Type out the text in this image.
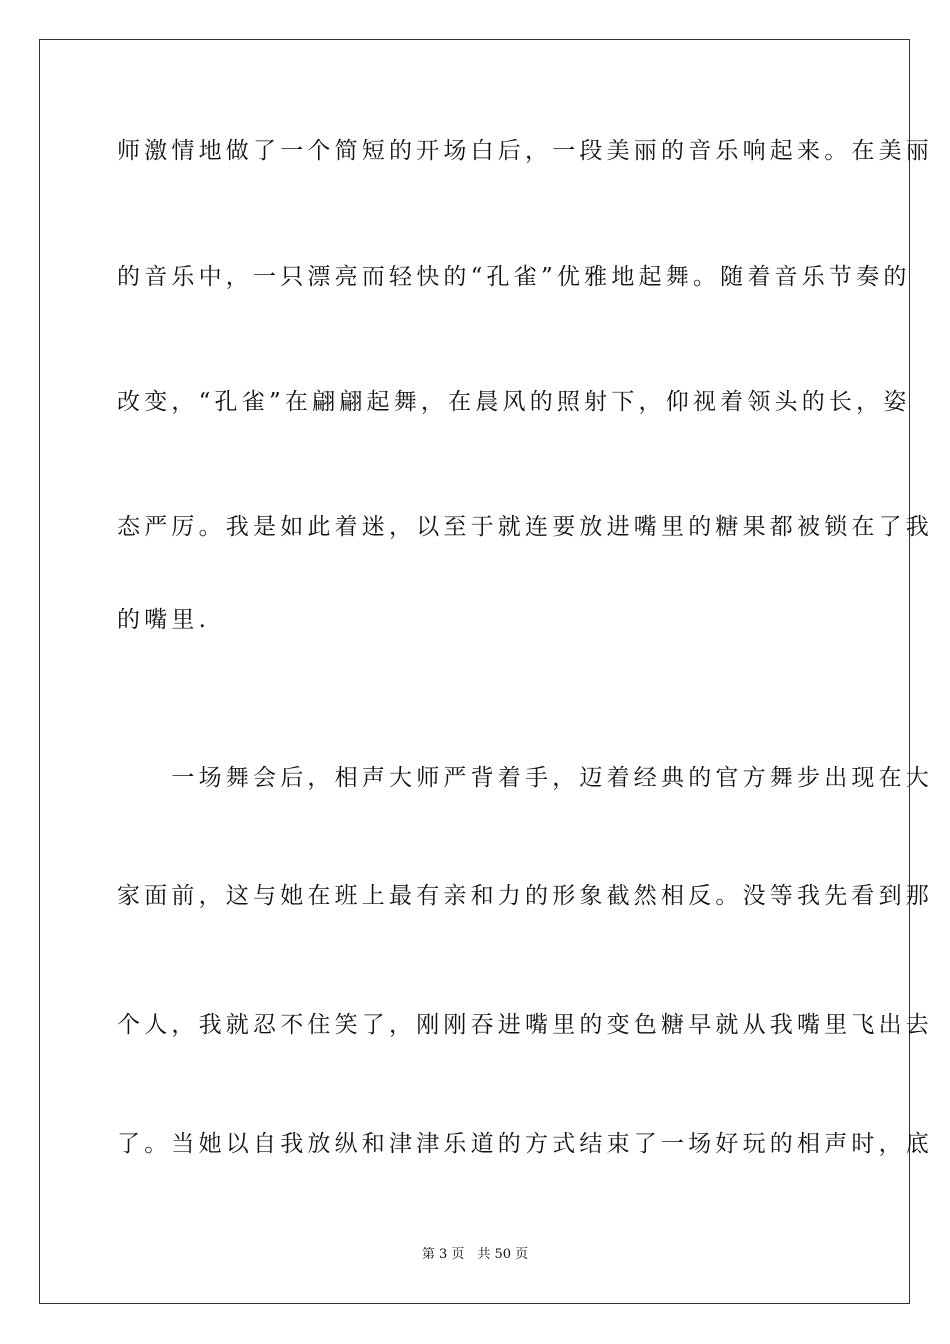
师激情地做了一个简短的开场白后，一段美丽的音乐响起来。在美丽
的音乐中，一只漂亮而轻快的“孔雀”优雅地起舞。随着音乐节奏的
改变，“孔雀”在翩翩起舞，在晨风的照射下，仰视着领头的长，姿
态严厉。我是如此着迷，以至于就连要放进嘴里的糖果都被锁在了我
的嘴里.
　　一场舞会后，相声大师严背着手，迈着经典的官方舞步出现在大
家面前，这与她在班上最有亲和力的形象截然相反。没等我先看到那
个人，我就忍不住笑了，刚刚吞进嘴里的变色糖早就从我嘴里飞出去
了。当她以自我放纵和津津乐道的方式结束了一场好玩的相声时，底
第 3 页　共 50 页
